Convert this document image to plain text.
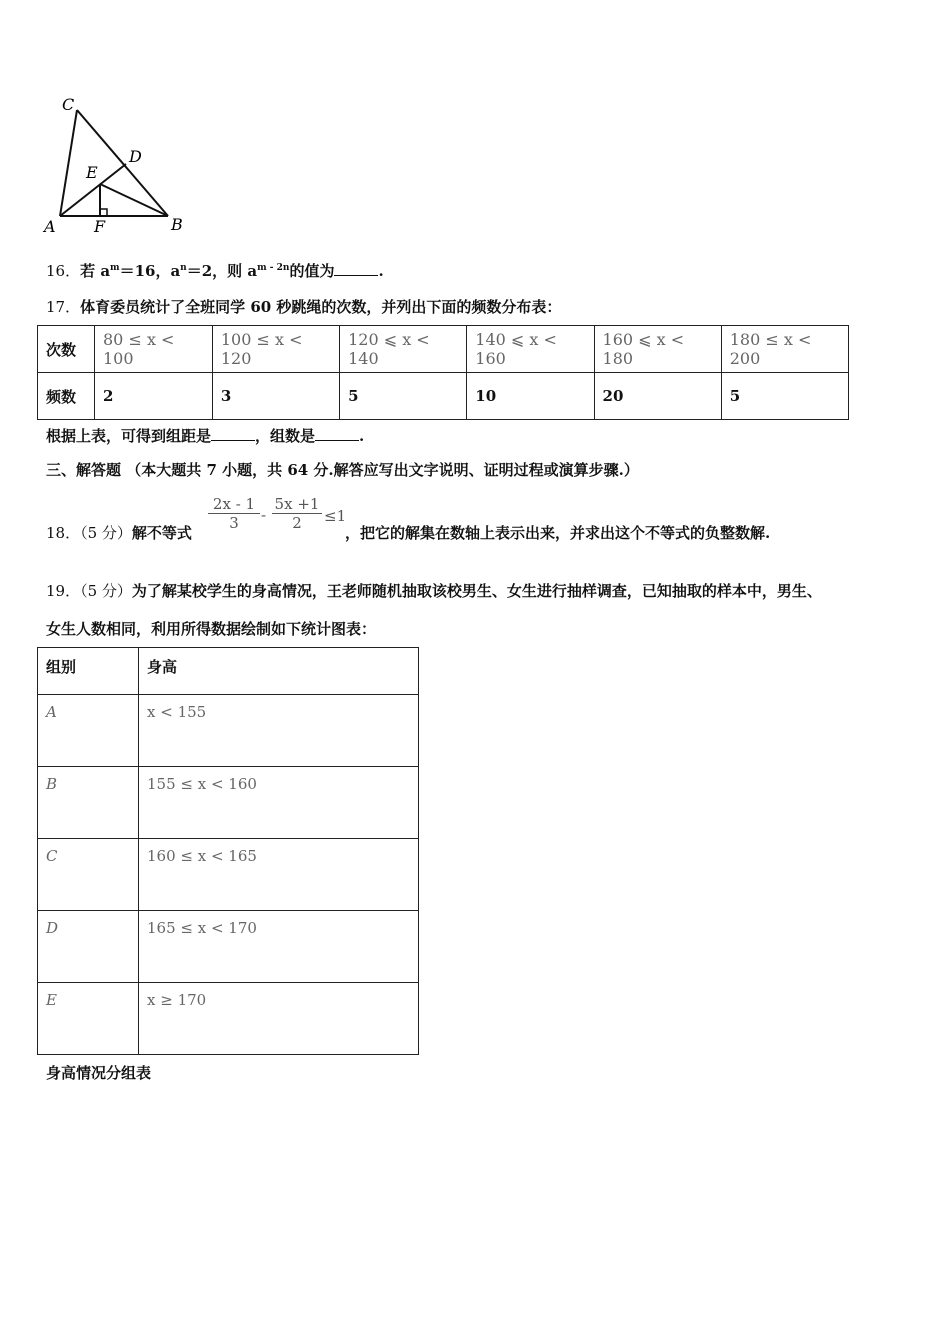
C
D
E
A F	B
16．若 $a^m=16$，$a^n=2$，则 $a^{m - 2n}$的值为	.
17．体育委员统计了全班同学 60 秒跳绳的次数，并列出下面的频数分布表：
次数	80 ≤ x < 100	100 ≤ x < 120	120 ⩽ x < 140	140 ⩽ x < 160	160 ⩽ x < 180	180 ≤ x < 200
频数	2	3	5	10	20	5
根据上表，可得到组距是	，组数是	.
三、解答题 （本大题共 7 小题，共 64 分.解答应写出文字说明、证明过程或演算步骤.）
18．（5 分）解不等式
$\frac{2x - 1}{3} - \frac{5x +1}{2} \le 1$
，把它的解集在数轴上表示出来，并求出这个不等式的负整数解.
19．（5 分）为了解某校学生的身高情况，王老师随机抽取该校男生、女生进行抽样调查，已知抽取的样本中，男生、
女生人数相同，利用所得数据绘制如下统计图表：
组别	身高
A	x < 155
B	155 ≤ x < 160
C	160 ≤ x < 165
D	165 ≤ x < 170
E	x ≥ 170
身高情况分组表
